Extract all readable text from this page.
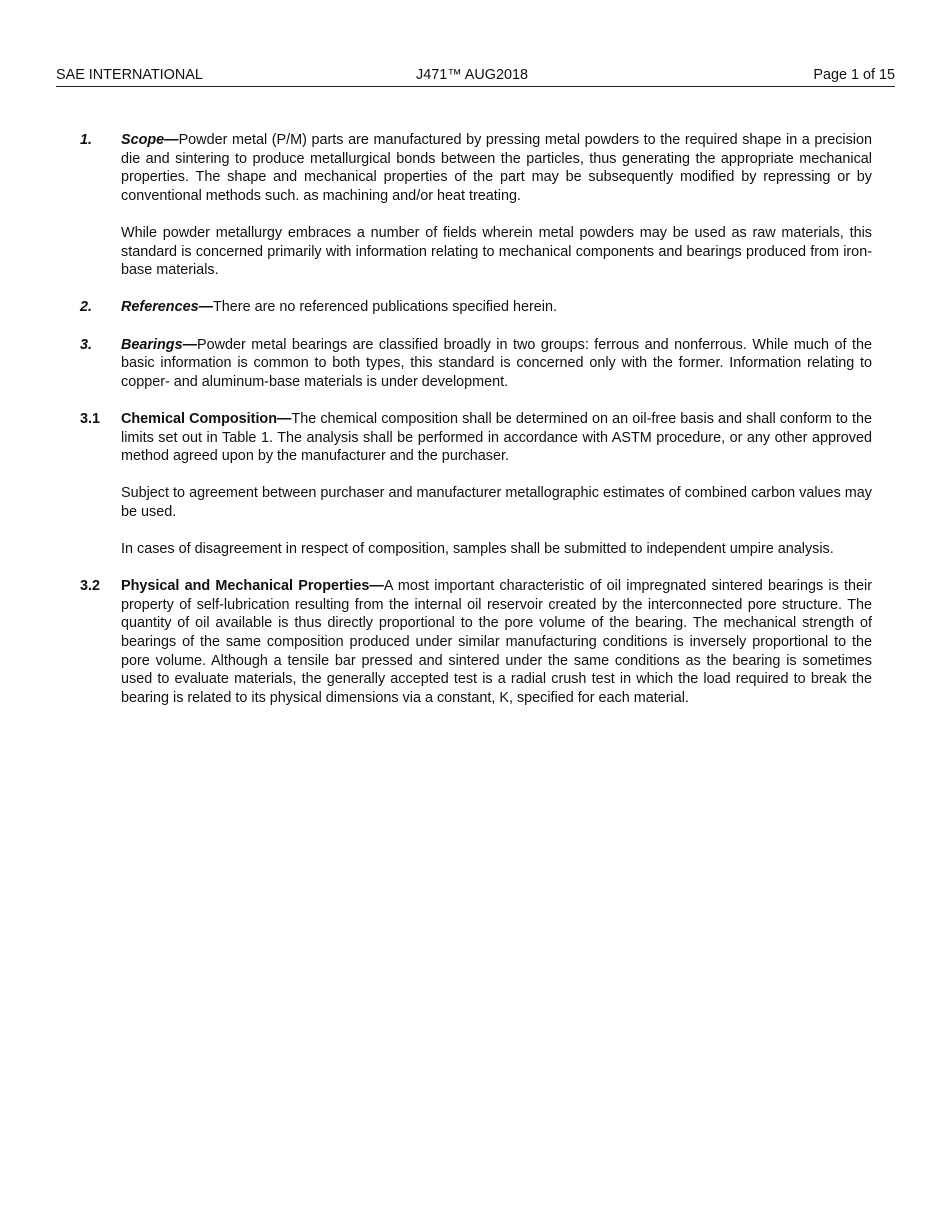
SAE INTERNATIONAL	J471™ AUG2018	Page 1 of 15
1.	Scope—Powder metal (P/M) parts are manufactured by pressing metal powders to the required shape in a precision die and sintering to produce metallurgical bonds between the particles, thus generating the appropriate mechanical properties. The shape and mechanical properties of the part may be subsequently modified by repressing or by conventional methods such. as machining and/or heat treating.

While powder metallurgy embraces a number of fields wherein metal powders may be used as raw materials, this standard is concerned primarily with information relating to mechanical components and bearings produced from iron-base materials.

2.	References—There are no referenced publications specified herein.

3.	Bearings—Powder metal bearings are classified broadly in two groups: ferrous and nonferrous. While much of the basic information is common to both types, this standard is concerned only with the former. Information relating to copper- and aluminum-base materials is under development.

3.1	Chemical Composition—The chemical composition shall be determined on an oil-free basis and shall conform to the limits set out in Table 1. The analysis shall be performed in accordance with ASTM procedure, or any other approved method agreed upon by the manufacturer and the purchaser.

Subject to agreement between purchaser and manufacturer metallographic estimates of combined carbon values may be used.

In cases of disagreement in respect of composition, samples shall be submitted to independent umpire analysis.

3.2	Physical and Mechanical Properties—A most important characteristic of oil impregnated sintered bearings is their property of self-lubrication resulting from the internal oil reservoir created by the interconnected pore structure. The quantity of oil available is thus directly proportional to the pore volume of the bearing. The mechanical strength of bearings of the same composition produced under similar manufacturing conditions is inversely proportional to the pore volume. Although a tensile bar pressed and sintered under the same conditions as the bearing is sometimes used to evaluate materials, the generally accepted test is a radial crush test in which the load required to break the bearing is related to its physical dimensions via a constant, K, specified for each material.
